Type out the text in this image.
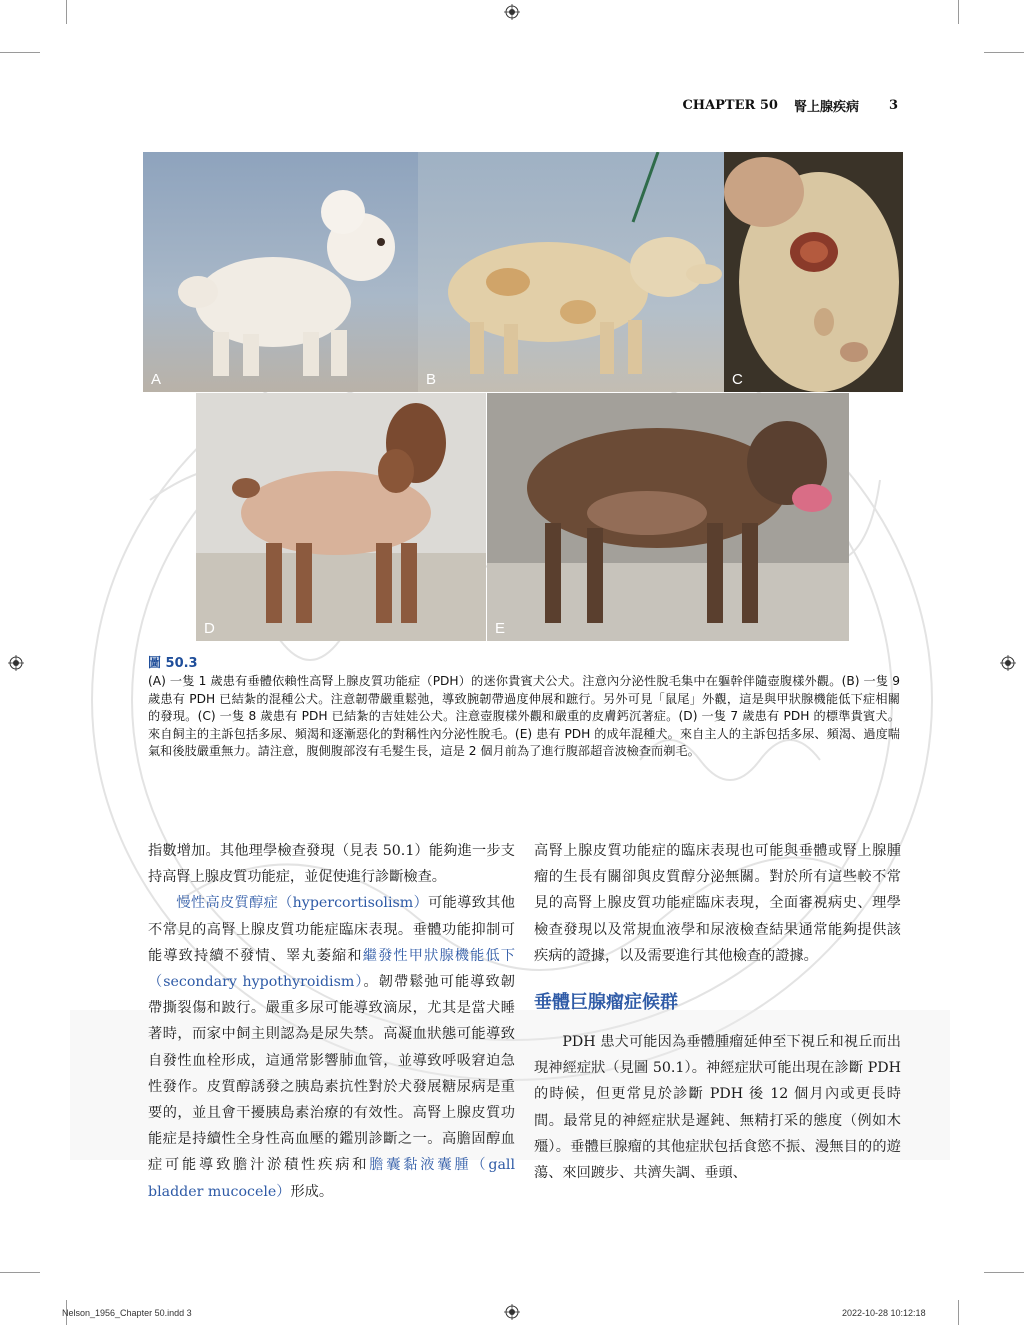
CHAPTER 50 腎上腺疾病 3
A	B	C
D	E
圖 50.3
(A) 一隻 1 歲患有垂體依賴性高腎上腺皮質功能症（PDH）的迷你貴賓犬公犬。注意內分泌性脫毛集中在軀幹伴隨壺腹樣外觀。(B) 一隻 9 歲患有 PDH 已結紮的混種公犬。注意韌帶嚴重鬆弛，導致腕韌帶過度伸展和蹠行。另外可見「鼠尾」外觀，這是與甲狀腺機能低下症相關的發現。(C) 一隻 8 歲患有 PDH 已結紮的吉娃娃公犬。注意壺腹樣外觀和嚴重的皮膚鈣沉著症。(D) 一隻 7 歲患有 PDH 的標準貴賓犬。來自飼主的主訴包括多尿、頻渴和逐漸惡化的對稱性內分泌性脫毛。(E) 患有 PDH 的成年混種犬。來自主人的主訴包括多尿、頻渴、過度喘氣和後肢嚴重無力。請注意，腹側腹部沒有毛髮生長，這是 2 個月前為了進行腹部超音波檢查而剃毛。

指數增加。其他理學檢查發現（見表 50.1）能夠進一步支持高腎上腺皮質功能症，並促使進行診斷檢查。

慢性高皮質醇症（hypercortisolism）可能導致其他不常見的高腎上腺皮質功能症臨床表現。垂體功能抑制可能導致持續不發情、睪丸萎縮和繼發性甲狀腺機能低下（secondary hypothyroidism）。韌帶鬆弛可能導致韌帶撕裂傷和跛行。嚴重多尿可能導致滴尿，尤其是當犬睡著時，而家中飼主則認為是尿失禁。高凝血狀態可能導致自發性血栓形成，這通常影響肺血管，並導致呼吸窘迫急性發作。皮質醇誘發之胰島素抗性對於犬發展糖尿病是重要的，並且會干擾胰島素治療的有效性。高腎上腺皮質功能症是持續性全身性高血壓的鑑別診斷之一。高膽固醇血症可能導致膽汁淤積性疾病和膽囊黏液囊腫（gall bladder mucocele）形成。

高腎上腺皮質功能症的臨床表現也可能與垂體或腎上腺腫瘤的生長有關卻與皮質醇分泌無關。對於所有這些較不常見的高腎上腺皮質功能症臨床表現，全面審視病史、理學檢查發現以及常規血液學和尿液檢查結果通常能夠提供該疾病的證據，以及需要進行其他檢查的證據。

垂體巨腺瘤症候群

PDH 患犬可能因為垂體腫瘤延伸至下視丘和視丘而出現神經症狀（見圖 50.1）。神經症狀可能出現在診斷 PDH 的時候，但更常見於診斷 PDH 後 12 個月內或更長時間。最常見的神經症狀是遲鈍、無精打采的態度（例如木殭）。垂體巨腺瘤的其他症狀包括食慾不振、漫無目的的遊蕩、來回踱步、共濟失調、垂頭、

Nelson_1956_Chapter 50.indd 3	2022-10-28 10:12:18
